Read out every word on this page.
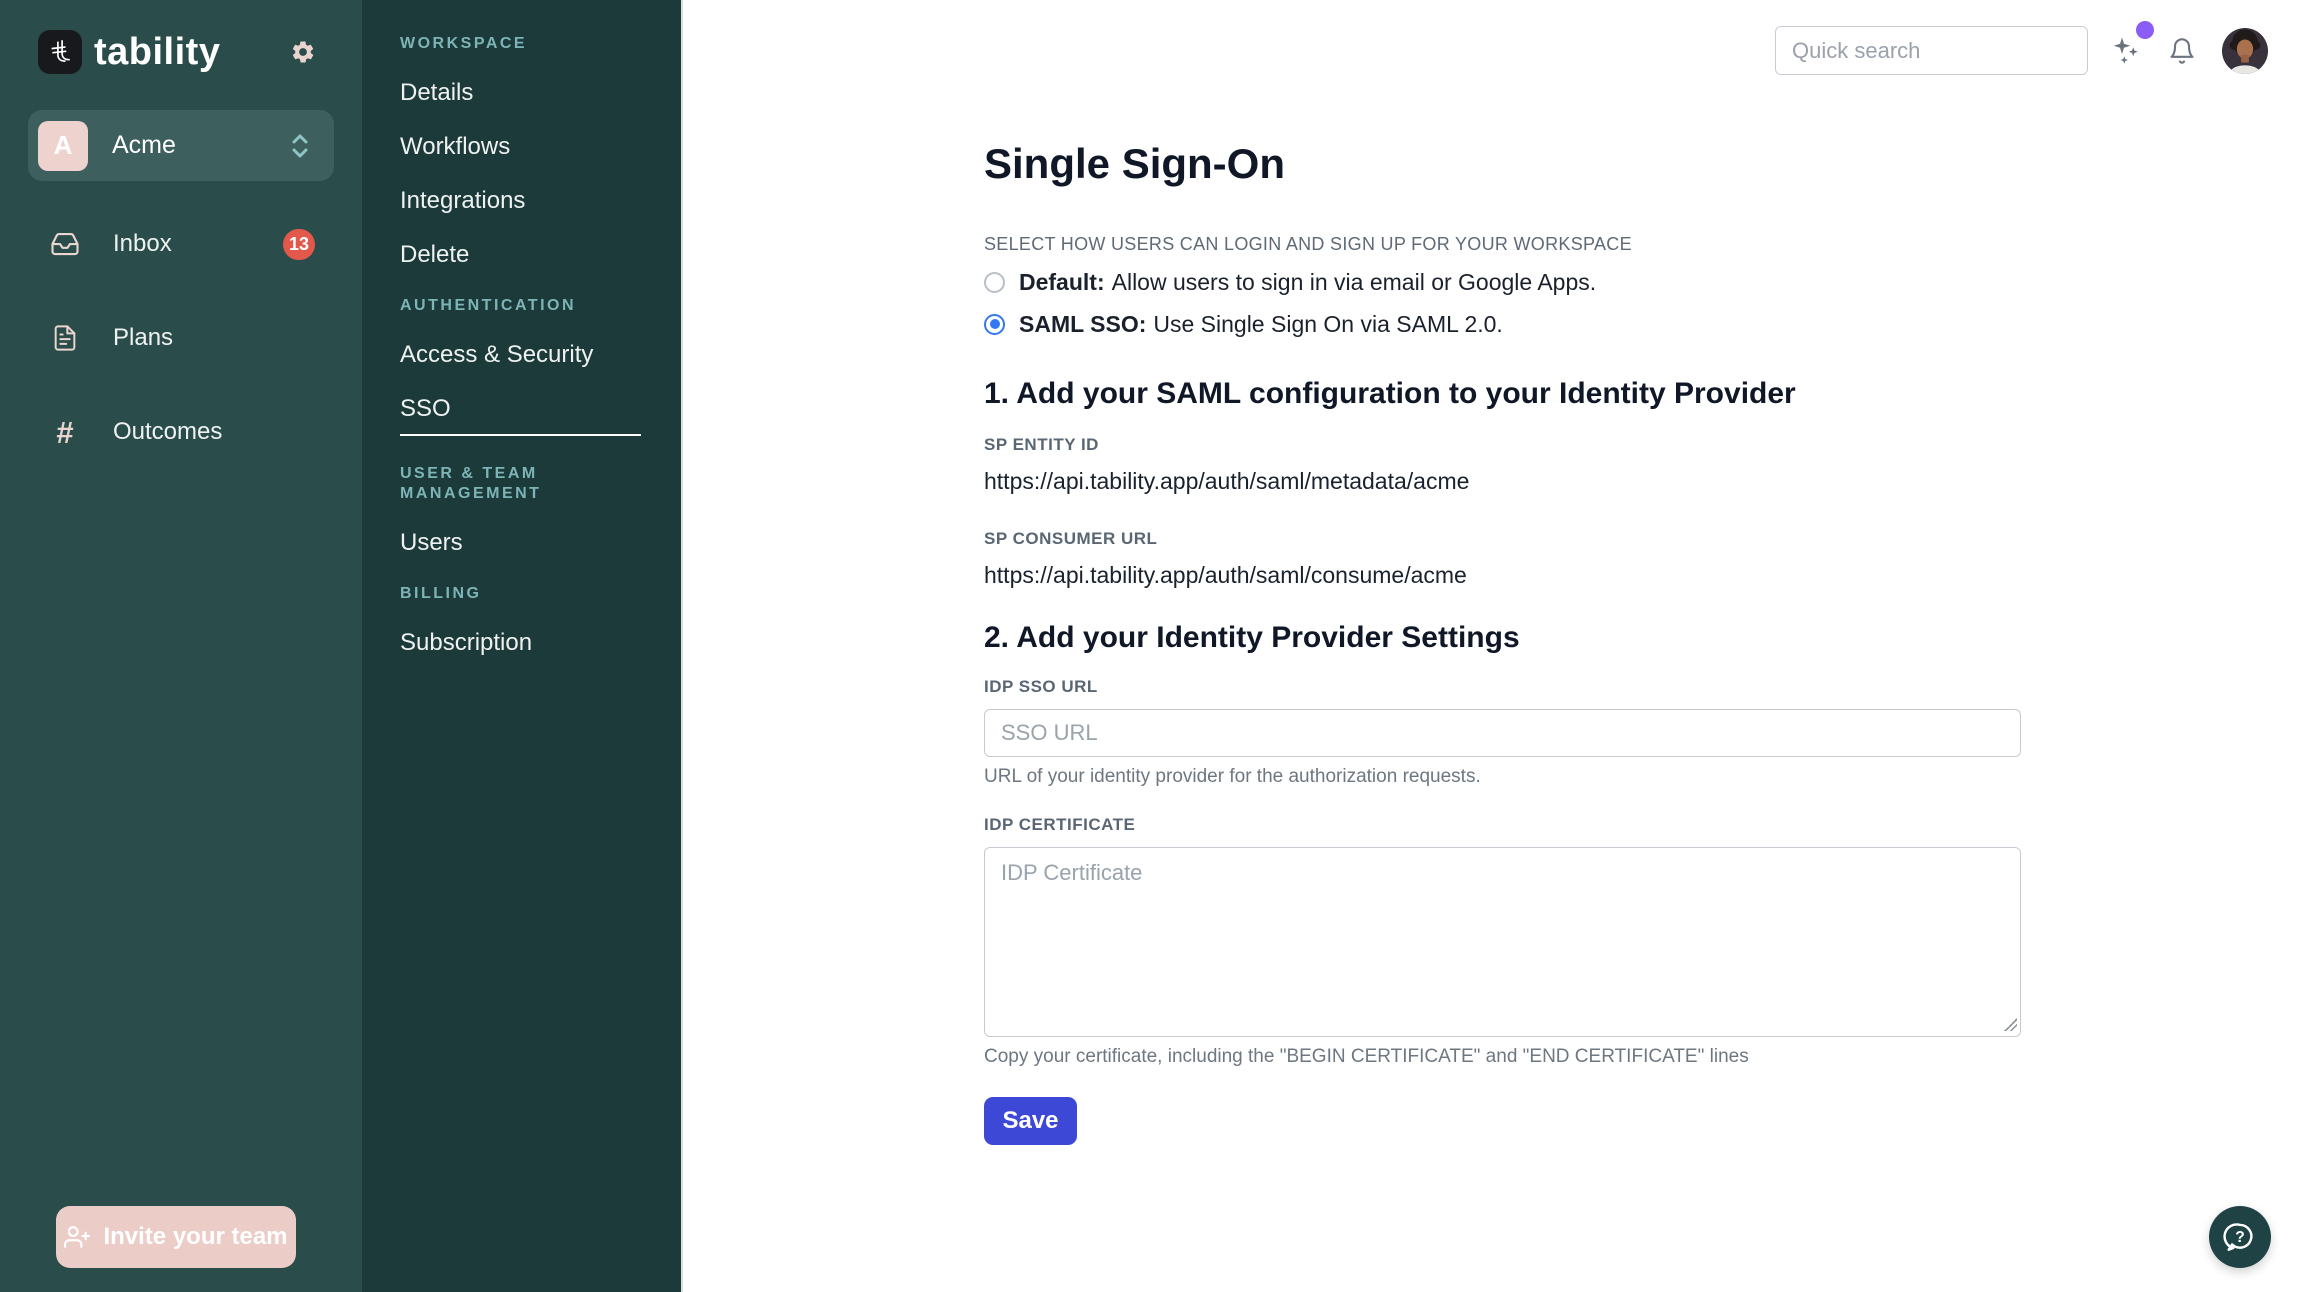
tability
A	Acme
Inbox	13
Plans
# Outcomes
Invite your team
WORKSPACE
Details
Workflows
Integrations
Delete
AUTHENTICATION
Access & Security
SSO
USER & TEAM MANAGEMENT
Users
BILLING
Subscription
Quick search
Single Sign-On
SELECT HOW USERS CAN LOGIN AND SIGN UP FOR YOUR WORKSPACE
Default: Allow users to sign in via email or Google Apps.
SAML SSO: Use Single Sign On via SAML 2.0.
1. Add your SAML configuration to your Identity Provider
SP ENTITY ID
https://api.tability.app/auth/saml/metadata/acme
SP CONSUMER URL
https://api.tability.app/auth/saml/consume/acme
2. Add your Identity Provider Settings
IDP SSO URL
SSO URL
URL of your identity provider for the authorization requests.
IDP CERTIFICATE
IDP Certificate
Copy your certificate, including the "BEGIN CERTIFICATE" and "END CERTIFICATE" lines
Save
?
